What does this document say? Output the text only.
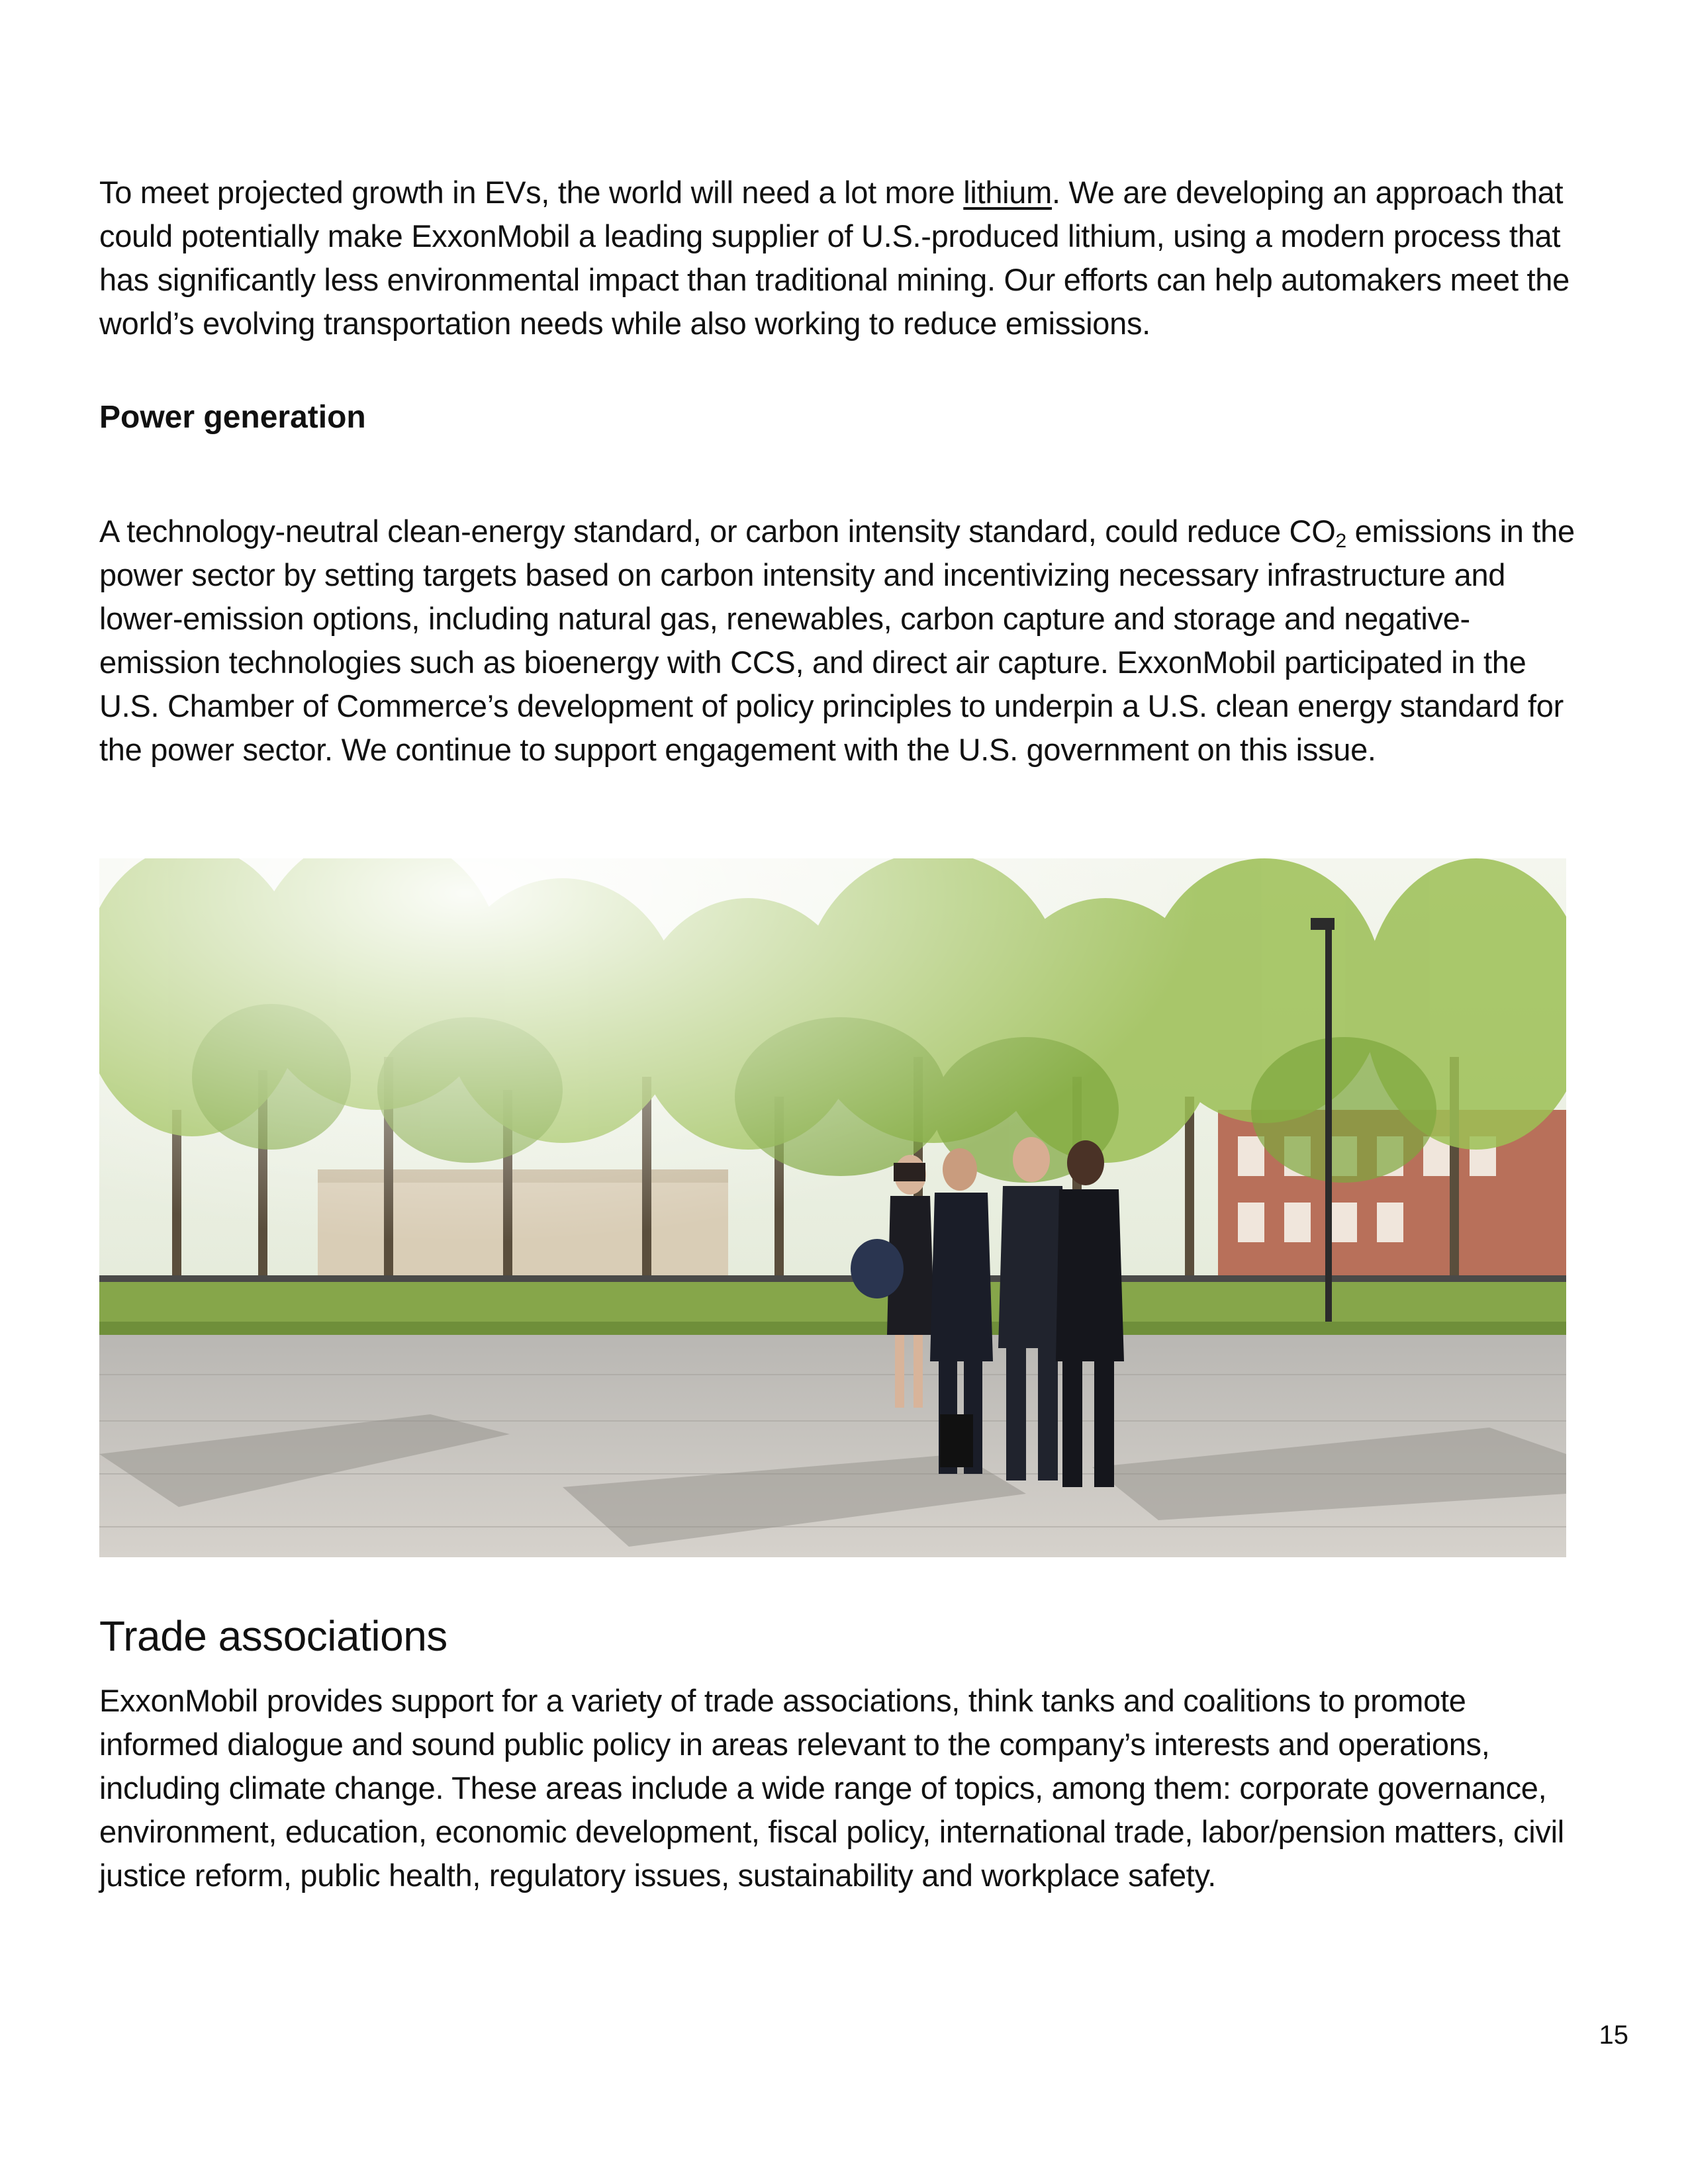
To meet projected growth in EVs, the world will need a lot more lithium. We are developing an approach that could potentially make ExxonMobil a leading supplier of U.S.-produced lithium, using a modern process that has significantly less environmental impact than traditional mining. Our efforts can help automakers meet the world’s evolving transportation needs while also working to reduce emissions.

Power generation

A technology-neutral clean-energy standard, or carbon intensity standard, could reduce $CO_2$ emissions in the power sector by setting targets based on carbon intensity and incentivizing necessary infrastructure and lower-emission options, including natural gas, renewables, carbon capture and storage and negative-emission technologies such as bioenergy with CCS, and direct air capture. ExxonMobil participated in the U.S. Chamber of Commerce’s development of policy principles to underpin a U.S. clean energy standard for the power sector. We continue to support engagement with the U.S. government on this issue.

Trade associations

ExxonMobil provides support for a variety of trade associations, think tanks and coalitions to promote informed dialogue and sound public policy in areas relevant to the company’s interests and operations, including climate change. These areas include a wide range of topics, among them: corporate governance, environment, education, economic development, fiscal policy, international trade, labor/pension matters, civil justice reform, public health, regulatory issues, sustainability and workplace safety.

15
